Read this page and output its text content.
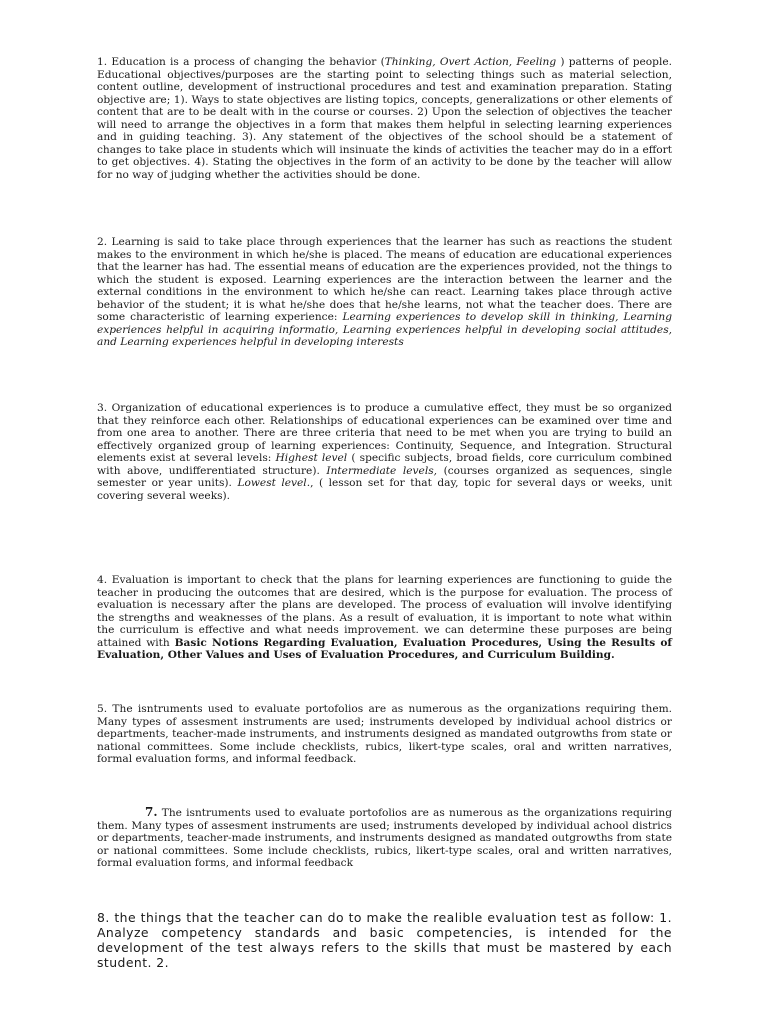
1. Education is a process of changing the behavior (Thinking, Overt Action, Feeling ) patterns of people. Educational objectives/purposes are the starting point to selecting things such as material selection, content outline, development of instructional procedures and test and examination preparation. Stating objective are; 1). Ways to state objectives are listing topics, concepts, generalizations or other elements of content that are to be dealt with in the course or courses. 2) Upon the selection of objectives the teacher will need to arrange the objectives in a form that makes them helpful in selecting learning experiences and in guiding teaching. 3). Any statement of the objectives of the school should be a statement of changes to take place in students which will insinuate the kinds of activities the teacher may do in a effort to get objectives. 4). Stating the objectives in the form of an activity to be done by the teacher will allow for no way of judging whether the activities should be done.

2. Learning is said to take place through experiences that the learner has such as reactions the student makes to the environment in which he/she is placed. The means of education are educational experiences that the learner has had. The essential means of education are the experiences provided, not the things to which the student is exposed. Learning experiences are the interaction between the learner and the external conditions in the environment to which he/she can react. Learning takes place through active behavior of the student; it is what he/she does that he/she learns, not what the teacher does. There are some characteristic of learning experience: Learning experiences to develop skill in thinking, Learning experiences helpful in acquiring informatio, Learning experiences helpful in developing social attitudes, and Learning experiences helpful in developing interests

3. Organization of educational experiences is to produce a cumulative effect, they must be so organized that they reinforce each other. Relationships of educational experiences can be examined over time and from one area to another. There are three criteria that need to be met when you are trying to build an effectively organized group of learning experiences: Continuity, Sequence, and Integration. Structural elements exist at several levels: Highest level ( specific subjects, broad fields, core curriculum combined with above, undifferentiated structure). Intermediate levels, (courses organized as sequences, single semester or year units). Lowest level., ( lesson set for that day, topic for several days or weeks, unit covering several weeks).

4. Evaluation is important to check that the plans for learning experiences are functioning to guide the teacher in producing the outcomes that are desired, which is the purpose for evaluation. The process of evaluation is necessary after the plans are developed. The process of evaluation will involve identifying the strengths and weaknesses of the plans. As a result of evaluation, it is important to note what within the curriculum is effective and what needs improvement. we can determine these purposes are being attained with Basic Notions Regarding Evaluation, Evaluation Procedures, Using the Results of Evaluation, Other Values and Uses of Evaluation Procedures, and Curriculum Building.

5. The isntruments used to evaluate portofolios are as numerous as the organizations requiring them. Many types of assesment instruments are used; instruments developed by individual achool districs or departments, teacher-made instruments, and instruments designed as mandated outgrowths from state or national committees. Some include checklists, rubics, likert-type scales, oral and written narratives, formal evaluation forms, and informal feedback.

7. The isntruments used to evaluate portofolios are as numerous as the organizations requiring them. Many types of assesment instruments are used; instruments developed by individual achool districs or departments, teacher-made instruments, and instruments designed as mandated outgrowths from state or national committees. Some include checklists, rubics, likert-type scales, oral and written narratives, formal evaluation forms, and informal feedback

8. the things that the teacher can do to make the realible evaluation test as follow: 1. Analyze competency standards and basic competencies, is intended for the development of the test always refers to the skills that must be mastered by each student. 2.
